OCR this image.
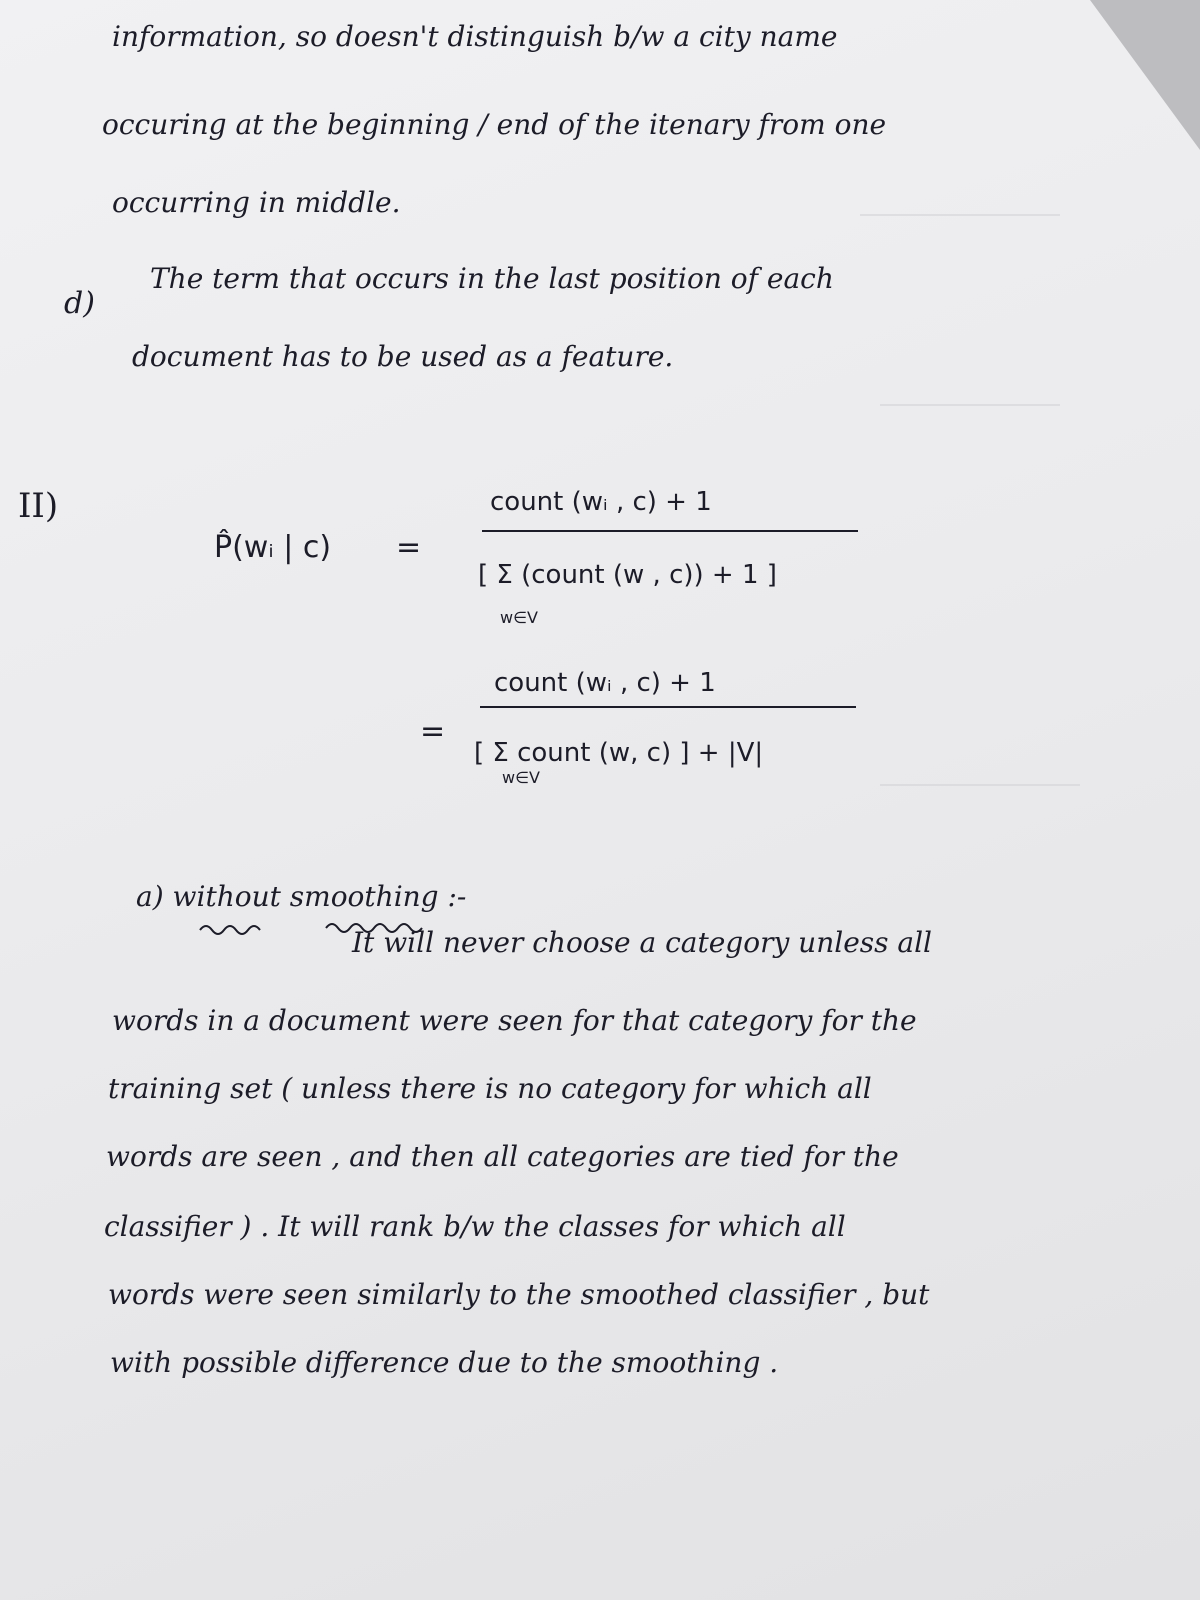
information, so doesn't distinguish b/w a city name
occuring at the beginning / end of the itenary from one
occurring in middle.
d)
The term that occurs in the last position of each
document has to be used as a feature.
II)
P̂(wᵢ | c) =
count (wᵢ , c) + 1
[ Σ (count (w , c)) + 1 ]
w∈V
=
count (wᵢ , c) + 1
[ Σ count (w, c) ] + |V|
w∈V
a) without smoothing :-
It will never choose a category unless all
words in a document were seen for that category for the
training set ( unless there is no category for which all
words are seen , and then all categories are tied for the
classifier ) . It will rank b/w the classes for which all
words were seen similarly to the smoothed classifier , but
with possible difference due to the smoothing .
